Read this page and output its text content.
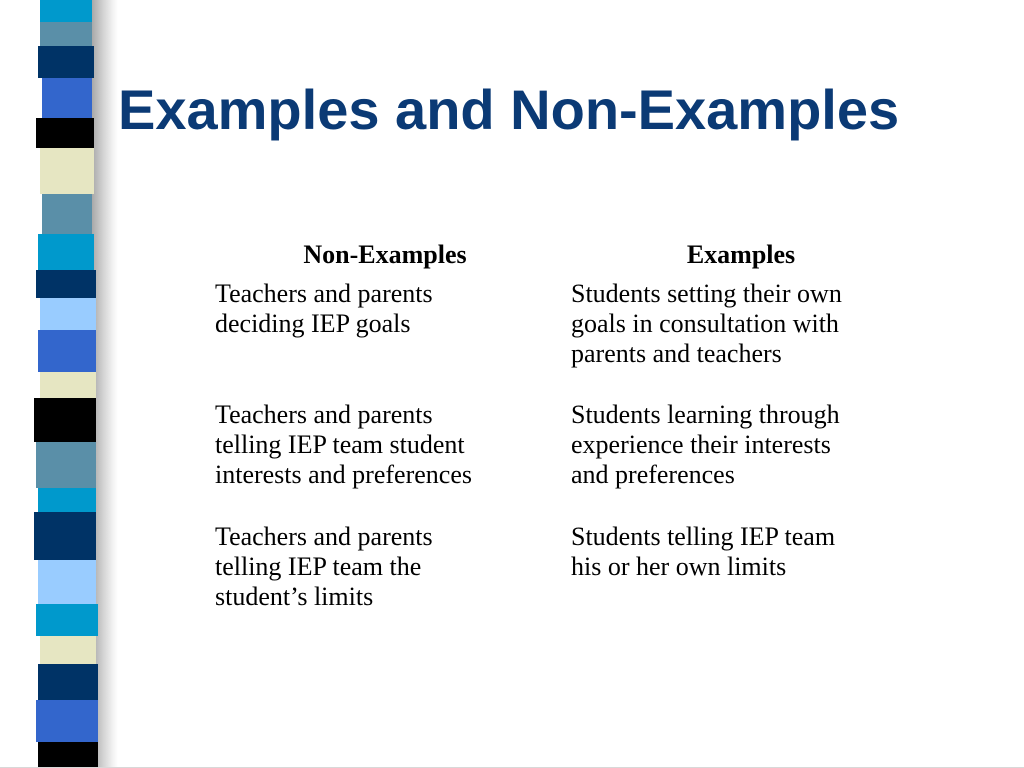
Examples and Non-Examples
Non-Examples	Examples
Teachers and parents
deciding IEP goals
Students setting their own
goals in consultation with
parents and teachers
Teachers and parents
telling IEP team student
interests and preferences
Students learning through
experience their interests
and preferences
Teachers and parents
telling IEP team the
student’s limits
Students telling IEP team
his or her own limits
